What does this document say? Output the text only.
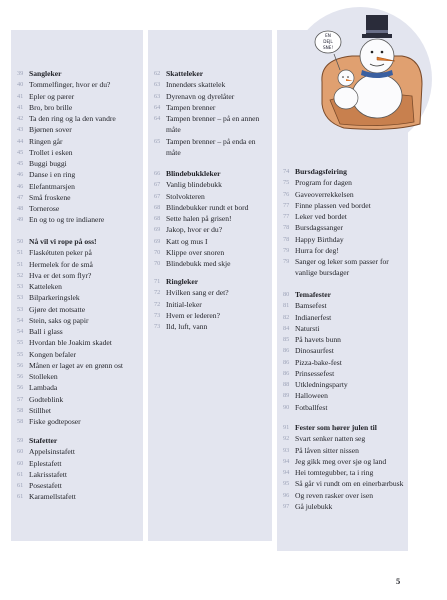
39 Sangleker
40 Tommelfinger, hvor er du?
41 Epler og pærer
41 Bro, bro brille
42 Ta den ring og la den vandre
43 Bjørnen sover
44 Ringen går
45 Trollet i esken
45 Buggi buggi
46 Danse i en ring
46 Elefantmarsjen
47 Små froskene
48 Tornerose
49 En og to og tre indianere
50 Nå vil vi rope på oss!
51 Flaskétuten peker på
51 Hermelek for de små
52 Hva er det som flyr?
53 Katteleken
53 Bilparkeringslek
53 Gjøre det motsatte
54 Stein, saks og papir
54 Ball i glass
55 Hvordan ble Joakim skadet
55 Kongen befaler
56 Månen er laget av en grønn ost
56 Stolleken
56 Lambada
57 Godteblink
58 Stillhet
58 Fiske godteposer
59 Stafetter
60 Appelsinstafett
60 Eplestafett
61 Lakrisstafett
61 Posestafett
61 Karamellstafett
62 Skatteleker
63 Innendørs skattelek
63 Dyrenavn og dyrelåter
64 Tampen brenner
64 Tampen brenner – på en annen måte
65 Tampen brenner – på enda en måte
66 Blindebukkleker
67 Vanlig blindebukk
67 Stolvokteren
68 Blindebukker rundt et bord
68 Sette halen på grisen!
69 Jakop, hvor er du?
69 Katt og mus I
70 Klippe over snoren
70 Blindebukk med skje
71 Ringleker
72 Hvilken sang er det?
72 Initial-leker
73 Hvem er lederen?
73 Ild, luft, vann
74 Bursdagsfeiring
75 Program for dagen
76 Gaveoverrekkelsen
77 Finne plassen ved bordet
77 Leker ved bordet
78 Bursdagssanger
78 Happy Birthday
79 Hurra for deg!
79 Sanger og leker som passer for vanlige bursdager
80 Temafester
81 Bamsefest
82 Indianerfest
84 Natursti
85 På havets bunn
86 Dinosaurfest
86 Pizza-bake-fest
86 Prinsessefest
88 Utkledningsparty
89 Halloween
90 Fotballfest
91 Fester som hører julen til
92 Svart senker natten seg
93 På låven sitter nissen
94 Jeg gikk meg over sjø og land
94 Hei tomtegubber, ta i ring
95 Så går vi rundt om en einerbærbusk
96 Og reven rasker over isen
97 Gå julebukk
EN
DEJL
SNE!
5
